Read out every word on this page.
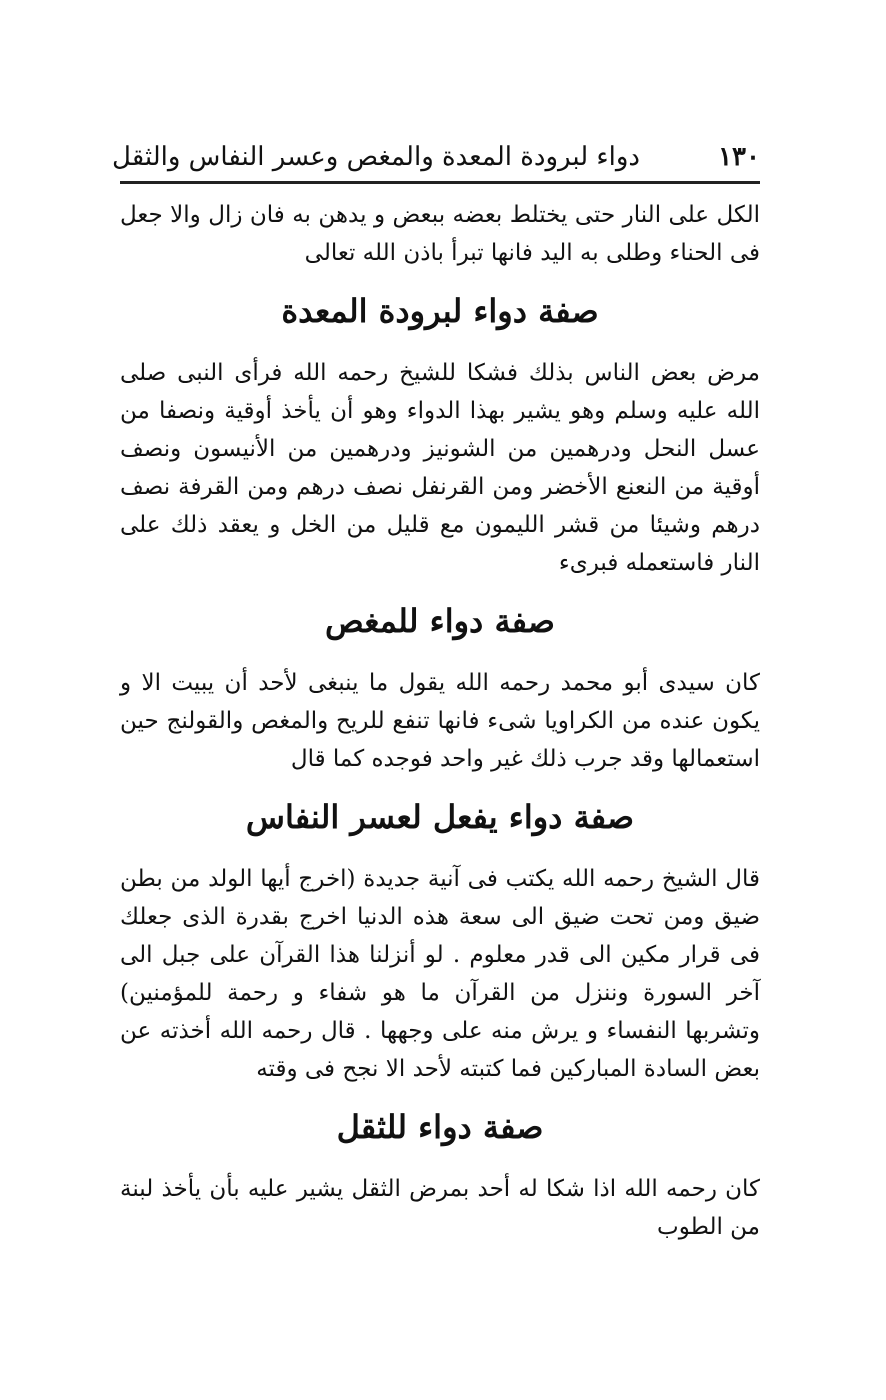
١٣٠
دواء لبرودة المعدة والمغص وعسر النفاس والثقل

الكل على النار حتى يختلط بعضه ببعض و يدهن به فان زال والا جعل فى الحناء وطلى به اليد فانها تبرأ باذن الله تعالى

صفة دواء لبرودة المعدة

مرض بعض الناس بذلك فشكا للشيخ رحمه الله فرأى النبى صلى الله عليه وسلم وهو يشير بهذا الدواء وهو أن يأخذ أوقية ونصفا من عسل النحل ودرهمين من الشونيز ودرهمين من الأنيسون ونصف أوقية من النعنع الأخضر ومن القرنفل نصف درهم ومن القرفة نصف درهم وشيئا من قشر الليمون مع قليل من الخل و يعقد ذلك على النار فاستعمله فبرىء

صفة دواء للمغص

كان سيدى أبو محمد رحمه الله يقول ما ينبغى لأحد أن يبيت الا و يكون عنده من الكراويا شىء فانها تنفع للريح والمغص والقولنج حين استعمالها وقد جرب ذلك غير واحد فوجده كما قال

صفة دواء يفعل لعسر النفاس

قال الشيخ رحمه الله يكتب فى آنية جديدة (اخرج أيها الولد من بطن ضيق ومن تحت ضيق الى سعة هذه الدنيا اخرج بقدرة الذى جعلك فى قرار مكين الى قدر معلوم . لو أنزلنا هذا القرآن على جبل الى آخر السورة وننزل من القرآن ما هو شفاء و رحمة للمؤمنين) وتشربها النفساء و يرش منه على وجهها . قال رحمه الله أخذته عن بعض السادة المباركين فما كتبته لأحد الا نجح فى وقته

صفة دواء للثقل

كان رحمه الله اذا شكا له أحد بمرض الثقل يشير عليه بأن يأخذ لبنة من الطوب
